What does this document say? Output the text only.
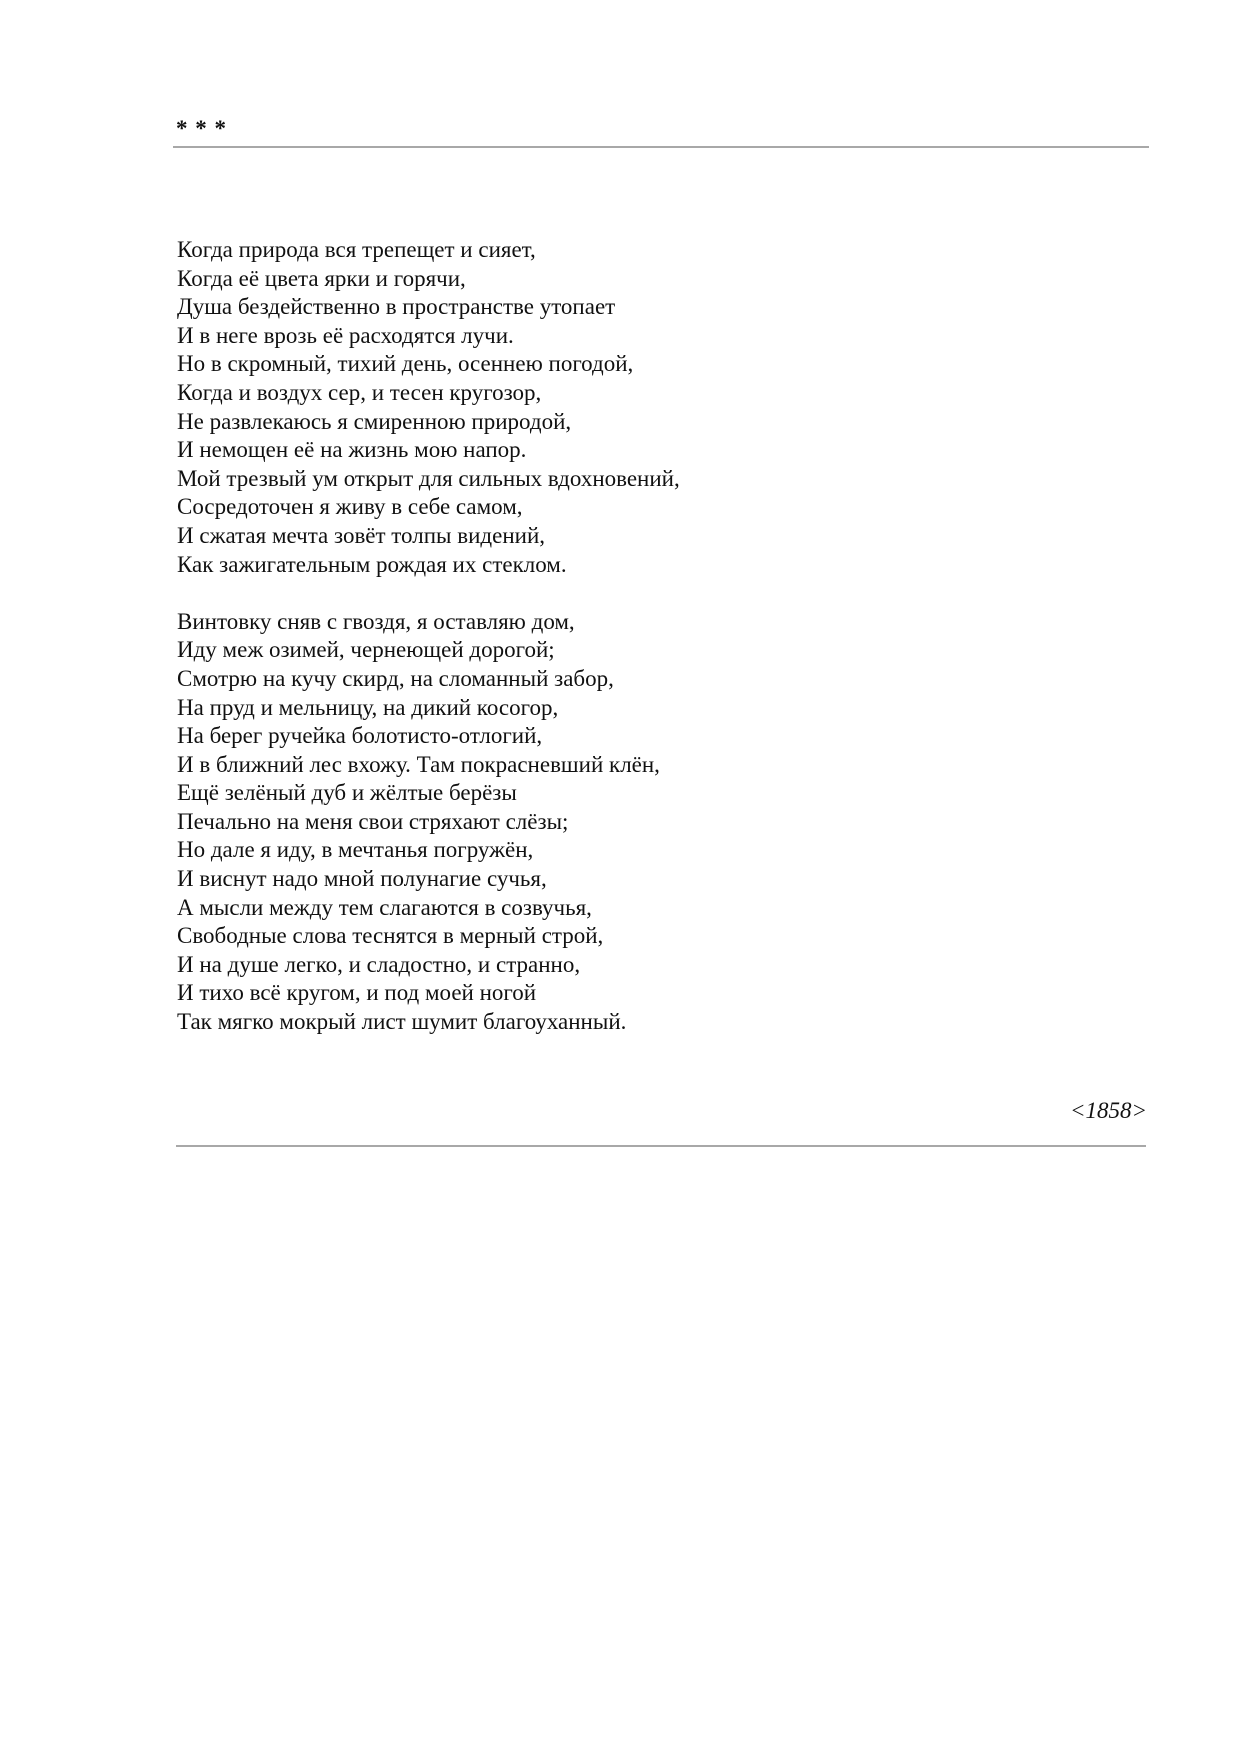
* * *
Когда природа вся трепещет и сияет,
Когда её цвета ярки и горячи,
Душа бездейственно в пространстве утопает
И в неге врозь её расходятся лучи.
Но в скромный, тихий день, осеннею погодой,
Когда и воздух сер, и тесен кругозор,
Не развлекаюсь я смиренною природой,
И немощен её на жизнь мою напор.
Мой трезвый ум открыт для сильных вдохновений,
Сосредоточен я живу в себе самом,
И сжатая мечта зовёт толпы видений,
Как зажигательным рождая их стеклом.
Винтовку сняв с гвоздя, я оставляю дом,
Иду меж озимей, чернеющей дорогой;
Смотрю на кучу скирд, на сломанный забор,
На пруд и мельницу, на дикий косогор,
На берег ручейка болотисто-отлогий,
И в ближний лес вхожу. Там покрасневший клён,
Ещё зелёный дуб и жёлтые берёзы
Печально на меня свои стряхают слёзы;
Но дале я иду, в мечтанья погружён,
И виснут надо мной полунагие сучья,
А мысли между тем слагаются в созвучья,
Свободные слова теснятся в мерный строй,
И на душе легко, и сладостно, и странно,
И тихо всё кругом, и под моей ногой
Так мягко мокрый лист шумит благоуханный.
<1858>
